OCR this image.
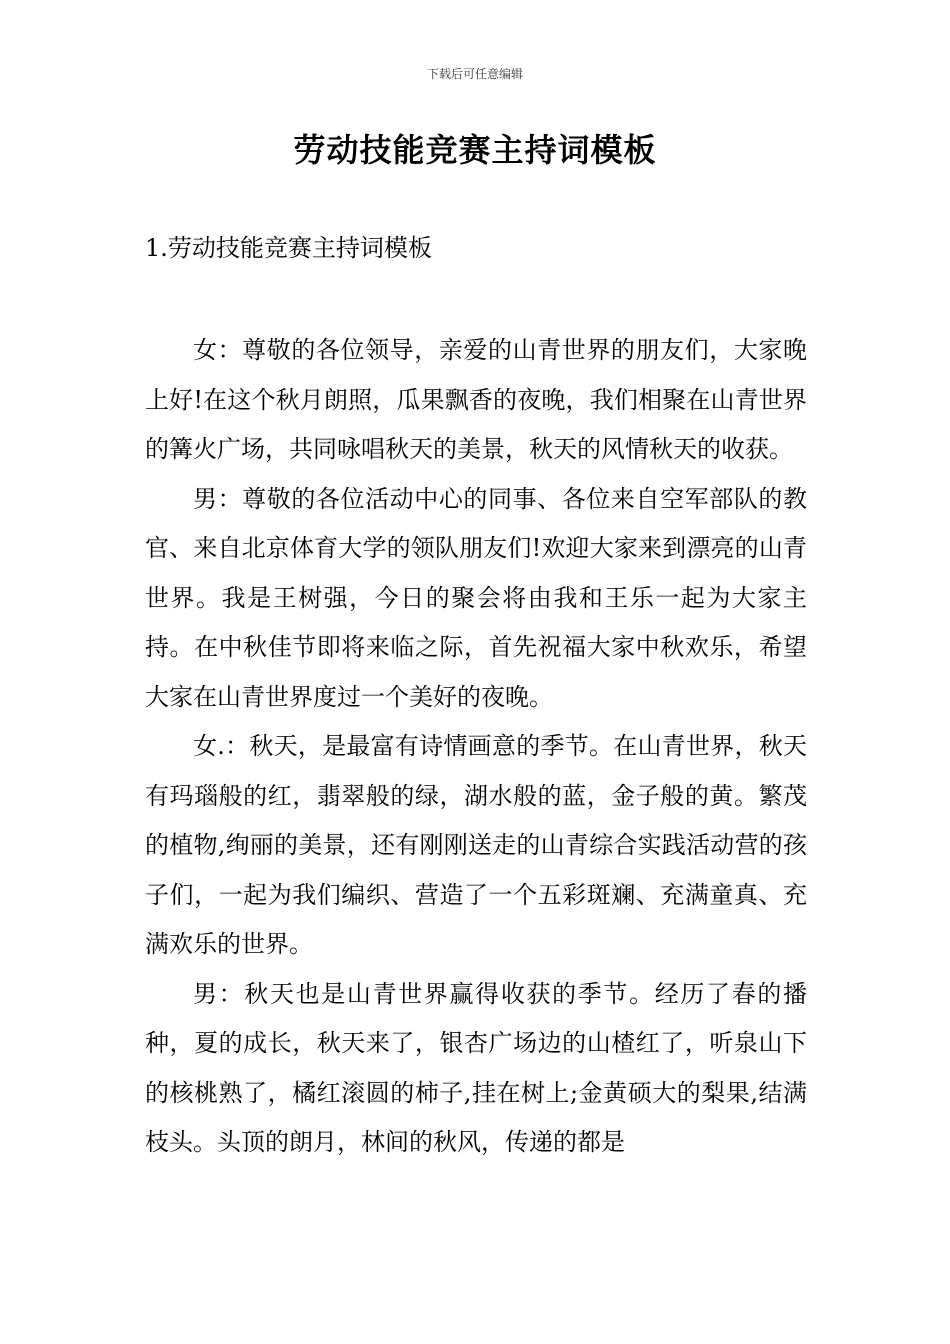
下载后可任意编辑
劳动技能竞赛主持词模板
1.劳动技能竞赛主持词模板

女：尊敬的各位领导，亲爱的山青世界的朋友们，大家晚上好!在这个秋月朗照，瓜果飘香的夜晚，我们相聚在山青世界的篝火广场，共同咏唱秋天的美景，秋天的风情秋天的收获。

男：尊敬的各位活动中心的同事、各位来自空军部队的教官、来自北京体育大学的领队朋友们!欢迎大家来到漂亮的山青世界。我是王树强，今日的聚会将由我和王乐一起为大家主持。在中秋佳节即将来临之际，首先祝福大家中秋欢乐，希望大家在山青世界度过一个美好的夜晚。

女.：秋天，是最富有诗情画意的季节。在山青世界，秋天有玛瑙般的红，翡翠般的绿，湖水般的蓝，金子般的黄。繁茂的植物,绚丽的美景，还有刚刚送走的山青综合实践活动营的孩子们，一起为我们编织、营造了一个五彩斑斓、充满童真、充满欢乐的世界。

男：秋天也是山青世界赢得收获的季节。经历了春的播种，夏的成长，秋天来了，银杏广场边的山楂红了，听泉山下的核桃熟了，橘红滚圆的柿子,挂在树上;金黄硕大的梨果,结满枝头。头顶的朗月，林间的秋风，传递的都是
